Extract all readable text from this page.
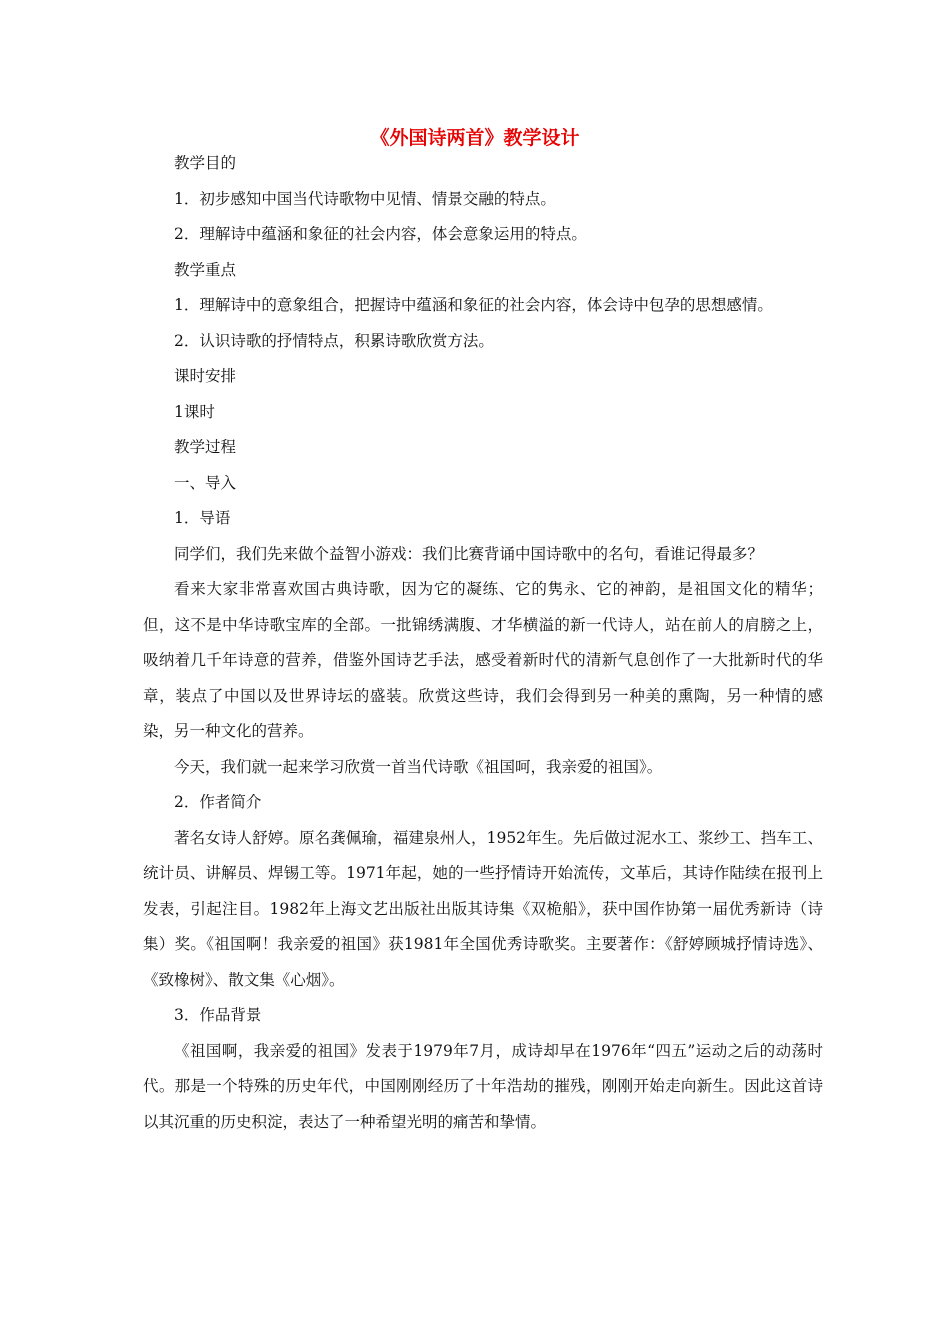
《外国诗两首》教学设计
教学目的
1．初步感知中国当代诗歌物中见情、情景交融的特点。
2．理解诗中蕴涵和象征的社会内容，体会意象运用的特点。
教学重点
1．理解诗中的意象组合，把握诗中蕴涵和象征的社会内容，体会诗中包孕的思想感情。
2．认识诗歌的抒情特点，积累诗歌欣赏方法。
课时安排
1课时
教学过程
一、导入
1．导语

同学们，我们先来做个益智小游戏：我们比赛背诵中国诗歌中的名句，看谁记得最多？

看来大家非常喜欢国古典诗歌，因为它的凝练、它的隽永、它的神韵，是祖国文化的精华；但，这不是中华诗歌宝库的全部。一批锦绣满腹、才华横溢的新一代诗人，站在前人的肩膀之上，吸纳着几千年诗意的营养，借鉴外国诗艺手法，感受着新时代的清新气息创作了一大批新时代的华章，装点了中国以及世界诗坛的盛装。欣赏这些诗，我们会得到另一种美的熏陶，另一种情的感染，另一种文化的营养。

今天，我们就一起来学习欣赏一首当代诗歌《祖国呵，我亲爱的祖国》。

2．作者简介

著名女诗人舒婷。原名龚佩瑜，福建泉州人，1952年生。先后做过泥水工、浆纱工、挡车工、统计员、讲解员、焊锡工等。1971年起，她的一些抒情诗开始流传，文革后，其诗作陆续在报刊上发表，引起注目。1982年上海文艺出版社出版其诗集《双桅船》，获中国作协第一届优秀新诗（诗集）奖。《祖国啊！我亲爱的祖国》获1981年全国优秀诗歌奖。主要著作：《舒婷顾城抒情诗选》、《致橡树》、散文集《心烟》。

3．作品背景

《祖国啊，我亲爱的祖国》发表于1979年7月，成诗却早在1976年“四五”运动之后的动荡时代。那是一个特殊的历史年代，中国刚刚经历了十年浩劫的摧残，刚刚开始走向新生。因此这首诗以其沉重的历史积淀，表达了一种希望光明的痛苦和挚情。
